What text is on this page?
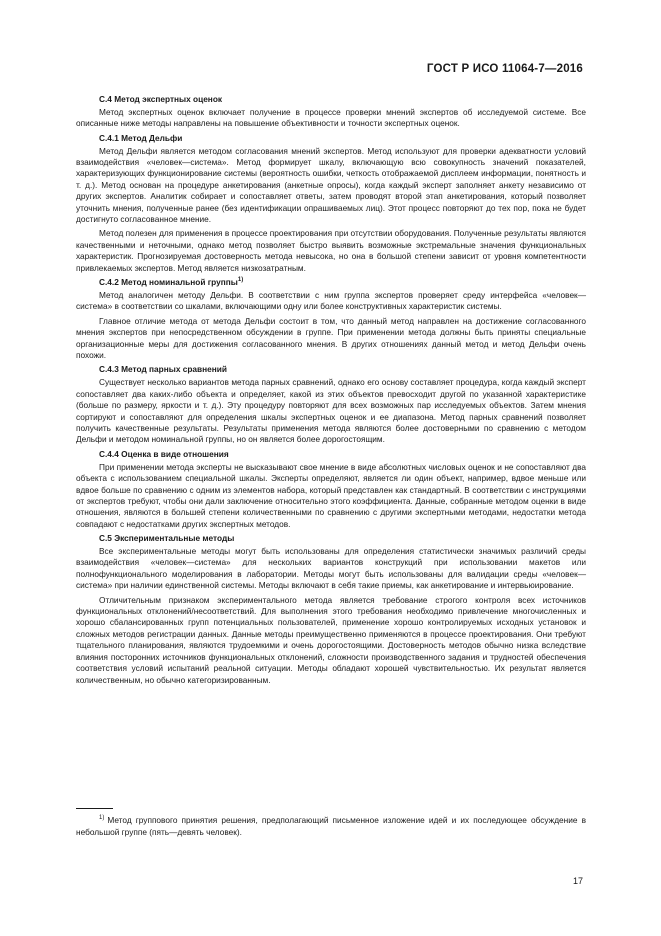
ГОСТ Р ИСО 11064-7—2016
С.4 Метод экспертных оценок

Метод экспертных оценок включает получение в процессе проверки мнений экспертов об исследуемой системе. Все описанные ниже методы направлены на повышение объективности и точности экспертных оценок.

С.4.1 Метод Дельфи

Метод Дельфи является методом согласования мнений экспертов. Метод используют для проверки адекватности условий взаимодействия «человек—система». Метод формирует шкалу, включающую всю совокупность значений показателей, характеризующих функционирование системы (вероятность ошибки, четкость отображаемой дисплеем информации, понятность и т. д.). Метод основан на процедуре анкетирования (анкетные опросы), когда каждый эксперт заполняет анкету независимо от других экспертов. Аналитик собирает и сопоставляет ответы, затем проводят второй этап анкетирования, который позволяет уточнить мнения, полученные ранее (без идентификации опрашиваемых лиц). Этот процесс повторяют до тех пор, пока не будет достигнуто согласованное мнение.

Метод полезен для применения в процессе проектирования при отсутствии оборудования. Полученные результаты являются качественными и неточными, однако метод позволяет быстро выявить возможные экстремальные значения функциональных характеристик. Прогнозируемая достоверность метода невысока, но она в большой степени зависит от уровня компетентности привлекаемых экспертов. Метод является низкозатратным.

С.4.2 Метод номинальной группы$^{1)}$

Метод аналогичен методу Дельфи. В соответствии с ним группа экспертов проверяет среду интерфейса «человек—система» в соответствии со шкалами, включающими одну или более конструктивных характеристик системы.

Главное отличие метода от метода Дельфи состоит в том, что данный метод направлен на достижение согласованного мнения экспертов при непосредственном обсуждении в группе. При применении метода должны быть приняты специальные организационные меры для достижения согласованного мнения. В других отношениях данный метод и метод Дельфи очень похожи.

С.4.3 Метод парных сравнений

Существует несколько вариантов метода парных сравнений, однако его основу составляет процедура, когда каждый эксперт сопоставляет два каких-либо объекта и определяет, какой из этих объектов превосходит другой по указанной характеристике (больше по размеру, яркости и т. д.). Эту процедуру повторяют для всех возможных пар исследуемых объектов. Затем мнения сортируют и сопоставляют для определения шкалы экспертных оценок и ее диапазона. Метод парных сравнений позволяет получить качественные результаты. Результаты применения метода являются более достоверными по сравнению с методом Дельфи и методом номинальной группы, но он является более дорогостоящим.

С.4.4 Оценка в виде отношения

При применении метода эксперты не высказывают свое мнение в виде абсолютных числовых оценок и не сопоставляют два объекта с использованием специальной шкалы. Эксперты определяют, является ли один объект, например, вдвое меньше или вдвое больше по сравнению с одним из элементов набора, который представлен как стандартный. В соответствии с инструкциями от экспертов требуют, чтобы они дали заключение относительно этого коэффициента. Данные, собранные методом оценки в виде отношения, являются в большей степени количественными по сравнению с другими экспертными методами, недостатки метода совпадают с недостатками других экспертных методов.

С.5 Экспериментальные методы

Все экспериментальные методы могут быть использованы для определения статистически значимых различий среды взаимодействия «человек—система» для нескольких вариантов конструкций при использовании макетов или полнофункционального моделирования в лаборатории. Методы могут быть использованы для валидации среды «человек—система» при наличии единственной системы. Методы включают в себя такие приемы, как анкетирование и интервьюирование.

Отличительным признаком экспериментального метода является требование строгого контроля всех источников функциональных отклонений/несоответствий. Для выполнения этого требования необходимо привлечение многочисленных и хорошо сбалансированных групп потенциальных пользователей, применение хорошо контролируемых исходных установок и сложных методов регистрации данных. Данные методы преимущественно применяются в процессе проектирования. Они требуют тщательного планирования, являются трудоемкими и очень дорогостоящими. Достоверность методов обычно низка вследствие влияния посторонних источников функциональных отклонений, сложности производственного задания и трудностей обеспечения соответствия условий испытаний реальной ситуации. Методы обладают хорошей чувствительностью. Их результат является количественным, но обычно категоризированным.

$^{1)}$ Метод группового принятия решения, предполагающий письменное изложение идей и их последующее обсуждение в небольшой группе (пять—девять человек).
17
